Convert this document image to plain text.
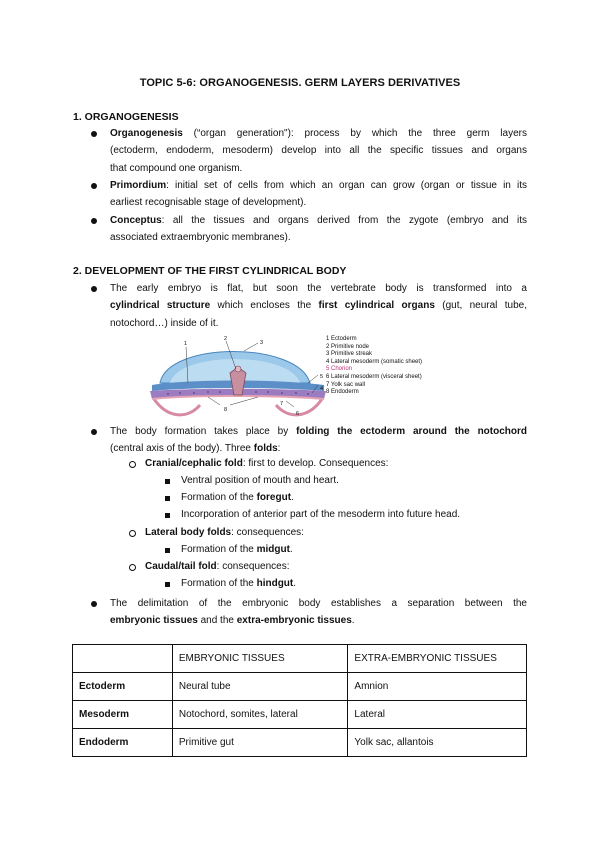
TOPIC 5-6: ORGANOGENESIS. GERM LAYERS DERIVATIVES
1. ORGANOGENESIS
Organogenesis (“organ generation"): process by which the three germ layers
(ectoderm, endoderm, mesoderm) develop into all the specific tissues and organs
that compound one organism.
Primordium: initial set of cells from which an organ can grow (organ or tissue in its
earliest recognisable stage of development).
Conceptus: all the tissues and organs derived from the zygote (embryo and its
associated extraembryonic membranes).
2. DEVELOPMENT OF THE FIRST CYLINDRICAL BODY
The early embryo is flat, but soon the vertebrate body is transformed into a
cylindrical structure which encloses the first cylindrical organs (gut, neural tube,
notochord…) inside of it.
1
2
3
5
4
8
7
6
1 Ectoderm
2 Primitive node
3 Primitive streak
4 Lateral mesoderm (somatic sheet)
5 Chorion
6 Lateral mesoderm (visceral sheet)
7 Yolk sac wall
8 Endoderm
The body formation takes place by folding the ectoderm around the notochord
(central axis of the body). Three folds:
Cranial/cephalic fold: first to develop. Consequences:
Ventral position of mouth and heart.
Formation of the foregut.
Incorporation of anterior part of the mesoderm into future head.
Lateral body folds: consequences:
Formation of the midgut.
Caudal/tail fold: consequences:
Formation of the hindgut.
The delimitation of the embryonic body establishes a separation between the
embryonic tissues and the extra-embryonic tissues.
	EMBRYONIC TISSUES	EXTRA-EMBRYONIC TISSUES
Ectoderm	Neural tube	Amnion
Mesoderm	Notochord, somites, lateral	Lateral
Endoderm	Primitive gut	Yolk sac, allantois
